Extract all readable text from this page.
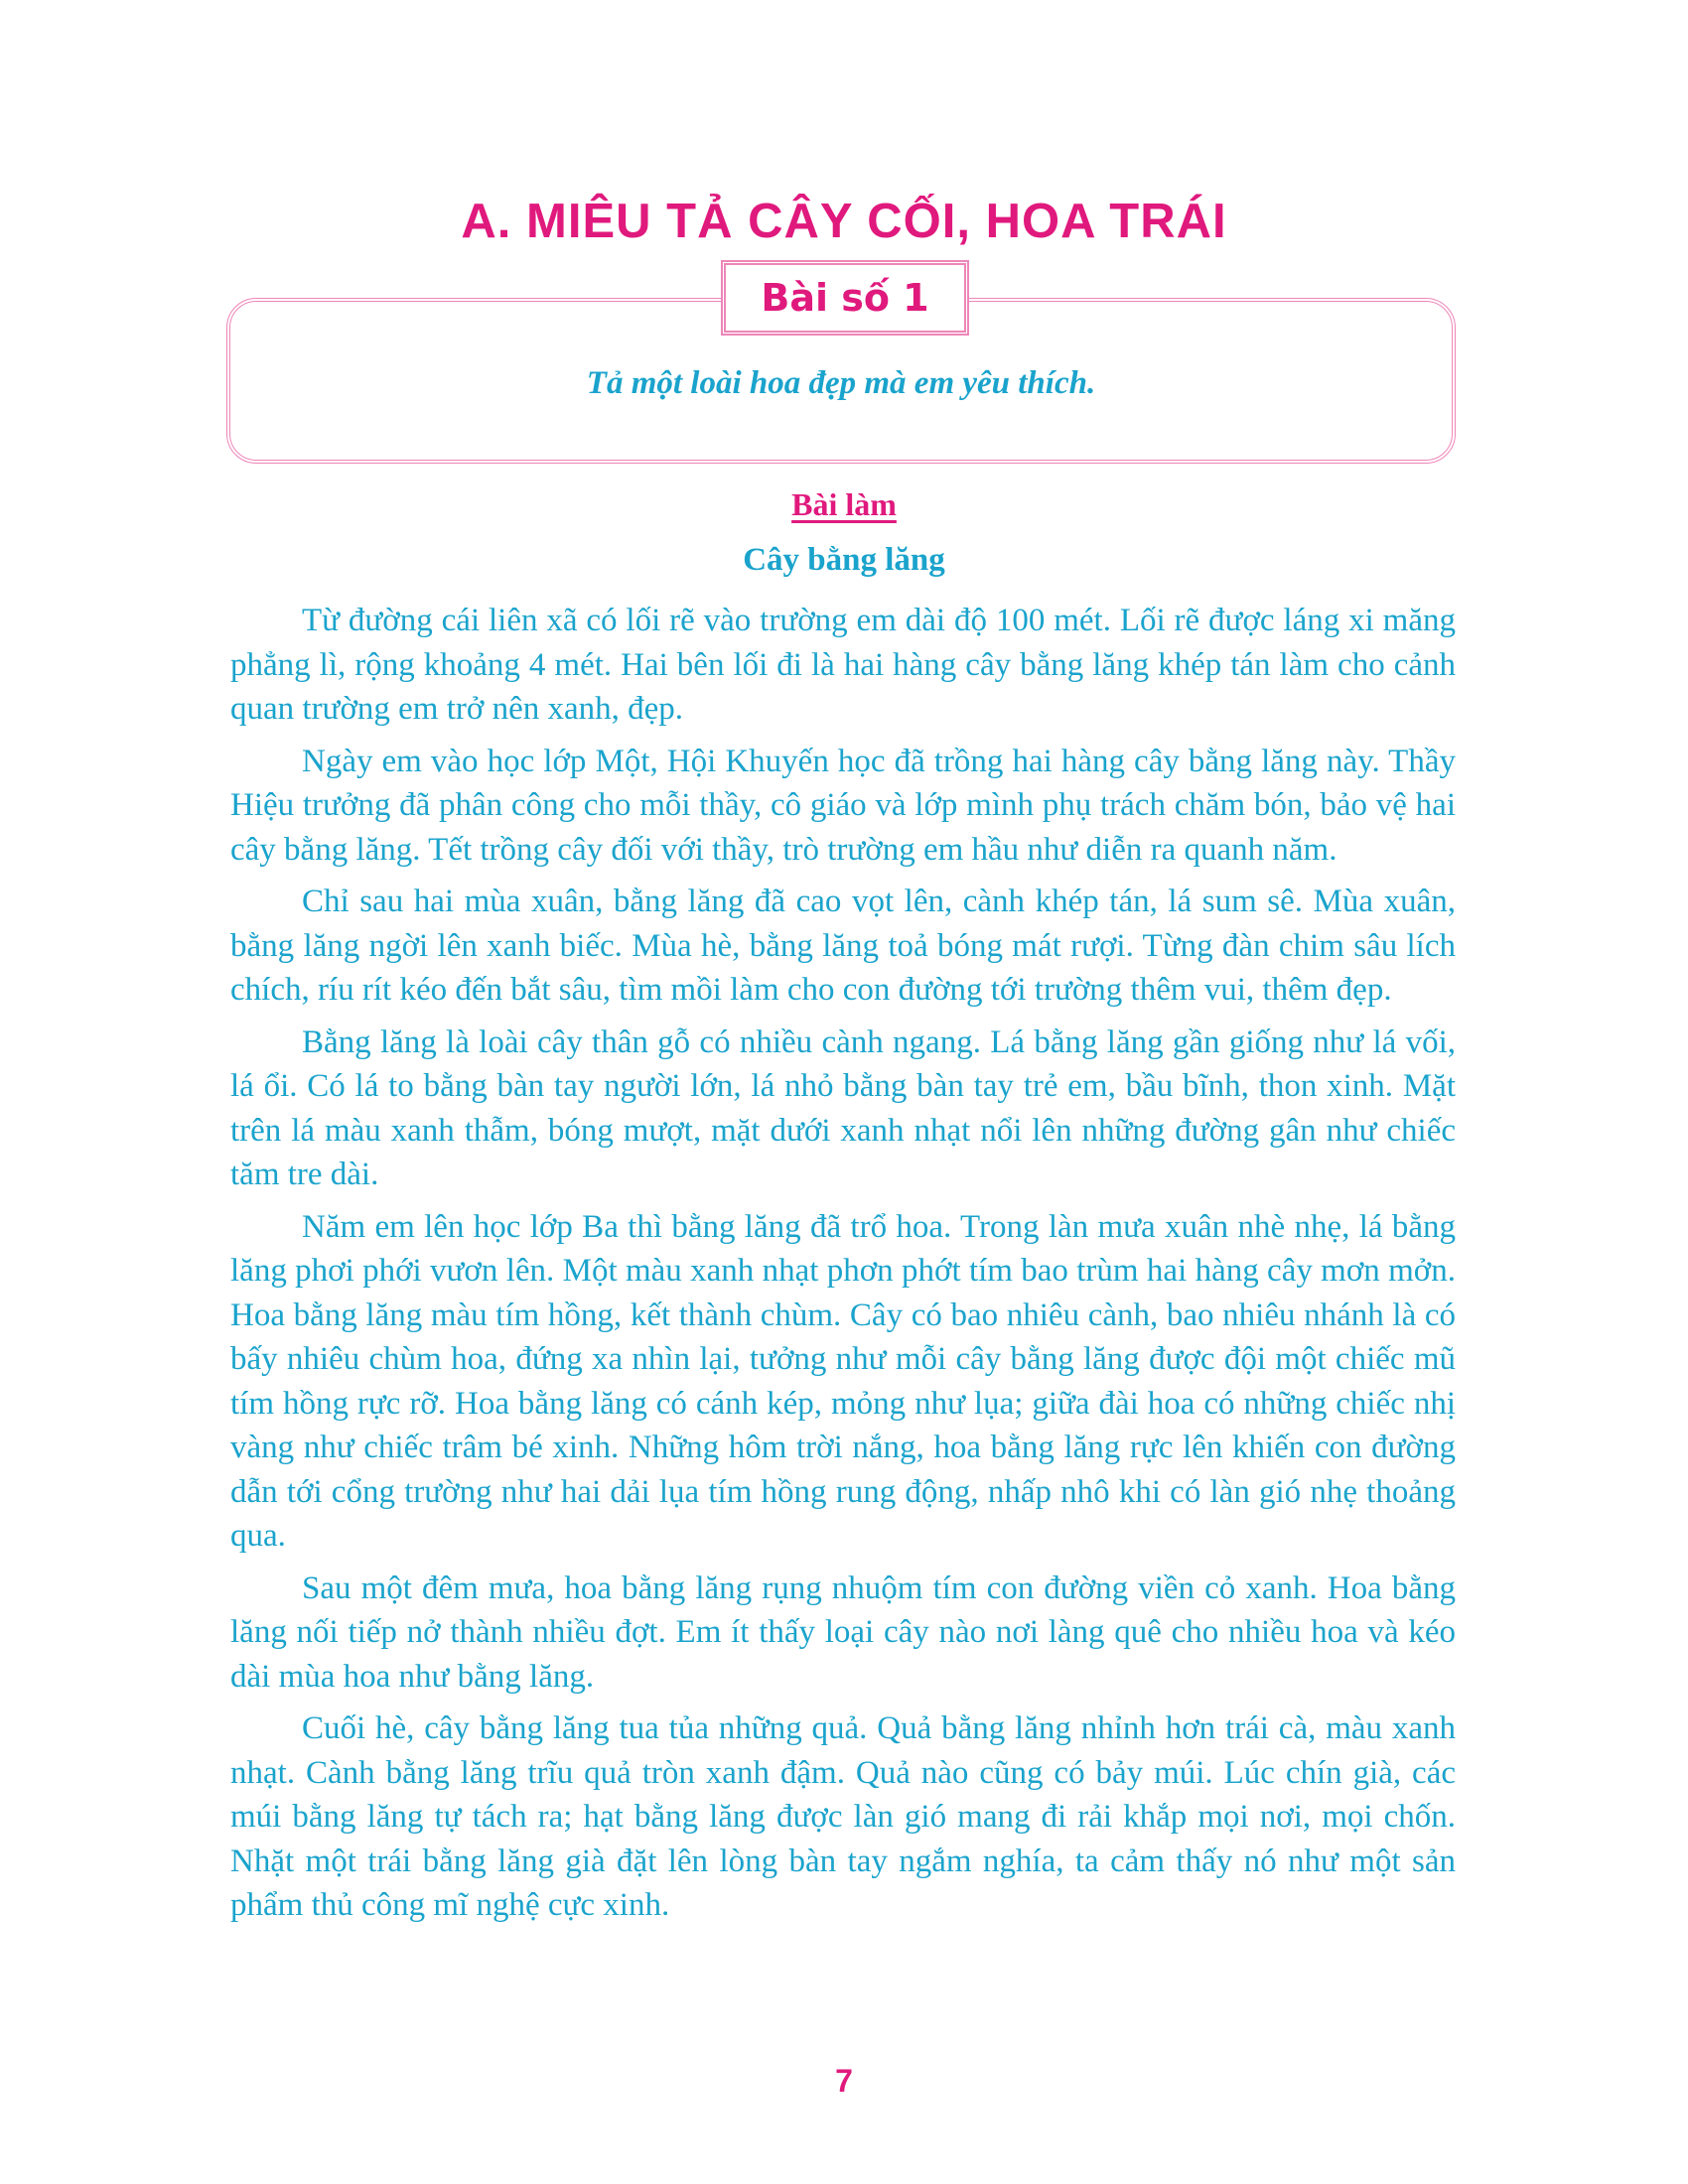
A. MIÊU TẢ CÂY CỐI, HOA TRÁI
Bài số 1
Tả một loài hoa đẹp mà em yêu thích.
Bài làm
Cây bằng lăng

Từ đường cái liên xã có lối rẽ vào trường em dài độ 100 mét. Lối rẽ được láng xi măng phẳng lì, rộng khoảng 4 mét. Hai bên lối đi là hai hàng cây bằng lăng khép tán làm cho cảnh quan trường em trở nên xanh, đẹp.

Ngày em vào học lớp Một, Hội Khuyến học đã trồng hai hàng cây bằng lăng này. Thầy Hiệu trưởng đã phân công cho mỗi thầy, cô giáo và lớp mình phụ trách chăm bón, bảo vệ hai cây bằng lăng. Tết trồng cây đối với thầy, trò trường em hầu như diễn ra quanh năm.

Chỉ sau hai mùa xuân, bằng lăng đã cao vọt lên, cành khép tán, lá sum sê. Mùa xuân, bằng lăng ngời lên xanh biếc. Mùa hè, bằng lăng toả bóng mát rượi. Từng đàn chim sâu lích chích, ríu rít kéo đến bắt sâu, tìm mồi làm cho con đường tới trường thêm vui, thêm đẹp.

Bằng lăng là loài cây thân gỗ có nhiều cành ngang. Lá bằng lăng gần giống như lá vối, lá ổi. Có lá to bằng bàn tay người lớn, lá nhỏ bằng bàn tay trẻ em, bầu bĩnh, thon xinh. Mặt trên lá màu xanh thẫm, bóng mượt, mặt dưới xanh nhạt nổi lên những đường gân như chiếc tăm tre dài.

Năm em lên học lớp Ba thì bằng lăng đã trổ hoa. Trong làn mưa xuân nhè nhẹ, lá bằng lăng phơi phới vươn lên. Một màu xanh nhạt phơn phớt tím bao trùm hai hàng cây mơn mởn. Hoa bằng lăng màu tím hồng, kết thành chùm. Cây có bao nhiêu cành, bao nhiêu nhánh là có bấy nhiêu chùm hoa, đứng xa nhìn lại, tưởng như mỗi cây bằng lăng được đội một chiếc mũ tím hồng rực rỡ. Hoa bằng lăng có cánh kép, mỏng như lụa; giữa đài hoa có những chiếc nhị vàng như chiếc trâm bé xinh. Những hôm trời nắng, hoa bằng lăng rực lên khiến con đường dẫn tới cổng trường như hai dải lụa tím hồng rung động, nhấp nhô khi có làn gió nhẹ thoảng qua.

Sau một đêm mưa, hoa bằng lăng rụng nhuộm tím con đường viền cỏ xanh. Hoa bằng lăng nối tiếp nở thành nhiều đợt. Em ít thấy loại cây nào nơi làng quê cho nhiều hoa và kéo dài mùa hoa như bằng lăng.

Cuối hè, cây bằng lăng tua tủa những quả. Quả bằng lăng nhỉnh hơn trái cà, màu xanh nhạt. Cành bằng lăng trĩu quả tròn xanh đậm. Quả nào cũng có bảy múi. Lúc chín già, các múi bằng lăng tự tách ra; hạt bằng lăng được làn gió mang đi rải khắp mọi nơi, mọi chốn. Nhặt một trái bằng lăng già đặt lên lòng bàn tay ngắm nghía, ta cảm thấy nó như một sản phẩm thủ công mĩ nghệ cực xinh.

7
